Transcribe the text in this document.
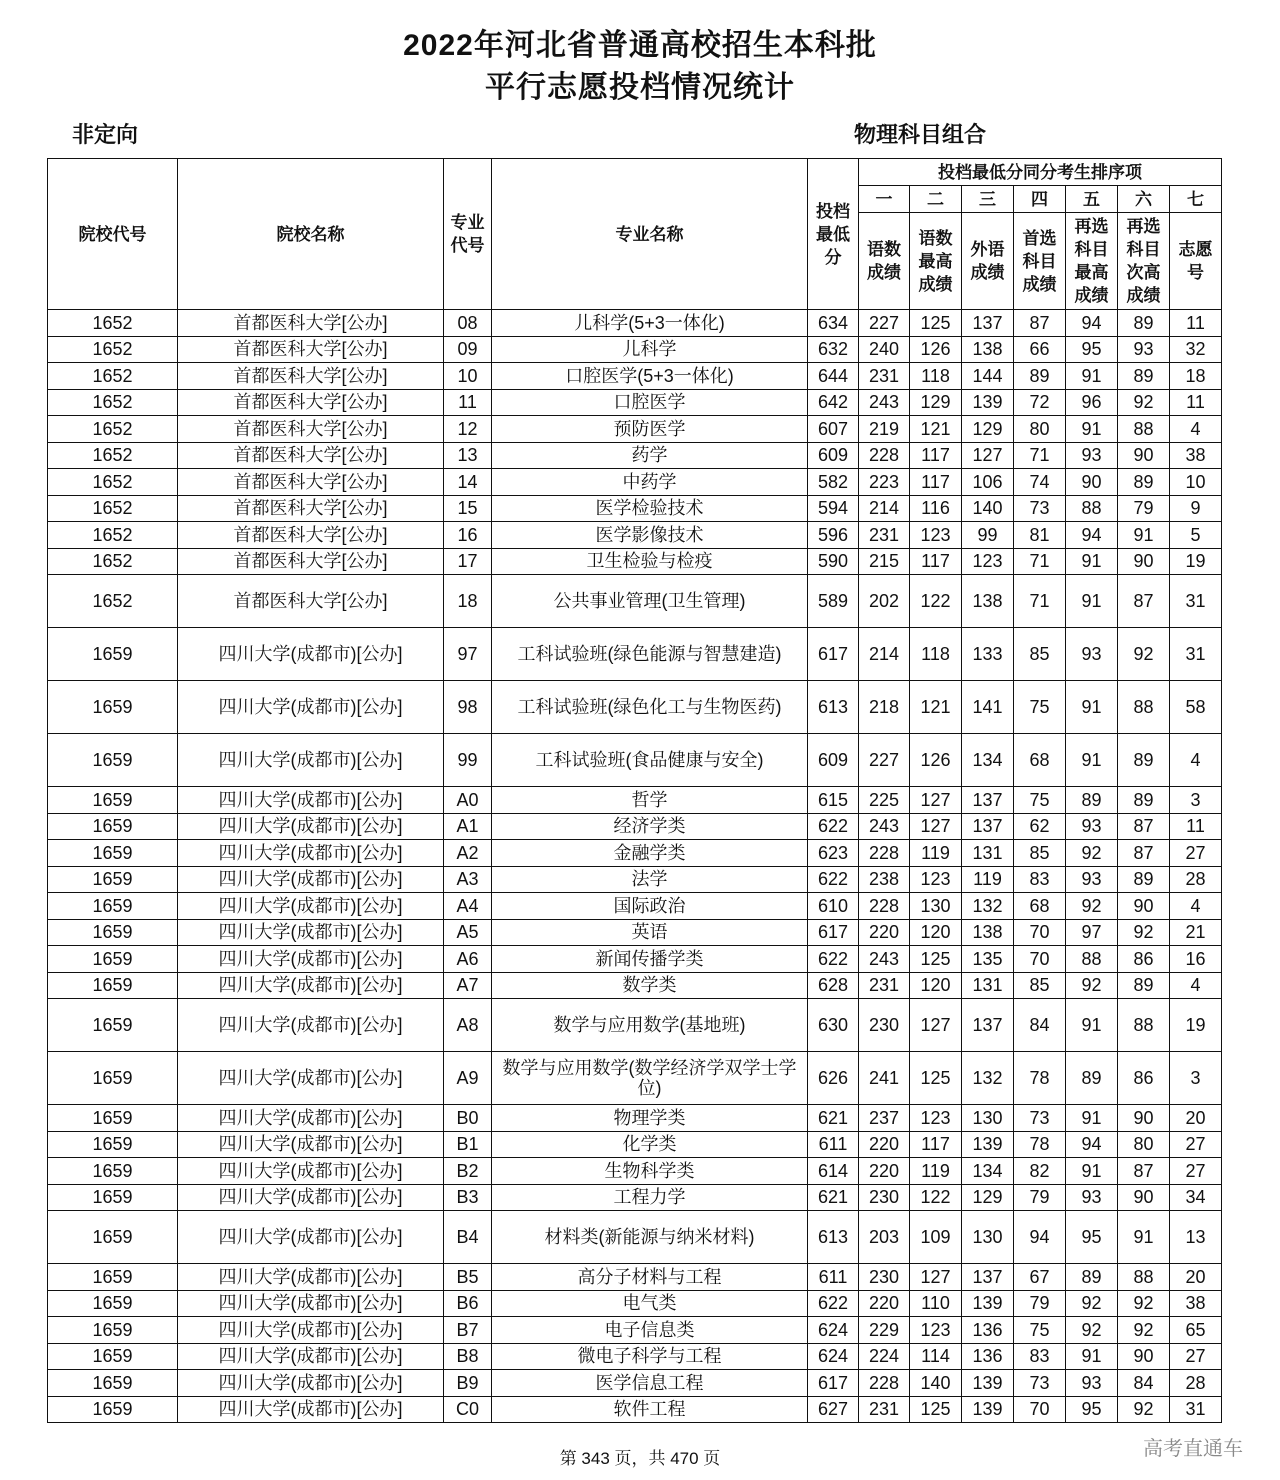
2022年河北省普通高校招生本科批
平行志愿投档情况统计
非定向	物理科目组合
院校代号	院校名称	专业代号	专业名称	投档最低分	投档最低分同分考生排序项						
					一	二	三	四	五	六	七
					语数成绩	语数最高成绩	外语成绩	首选科目成绩	再选科目最高成绩	再选科目次高成绩	志愿号
1652	首都医科大学[公办]	08	儿科学(5+3一体化)	634	227	125	137	87	94	89	11
1652	首都医科大学[公办]	09	儿科学	632	240	126	138	66	95	93	32
1652	首都医科大学[公办]	10	口腔医学(5+3一体化)	644	231	118	144	89	91	89	18
1652	首都医科大学[公办]	11	口腔医学	642	243	129	139	72	96	92	11
1652	首都医科大学[公办]	12	预防医学	607	219	121	129	80	91	88	4
1652	首都医科大学[公办]	13	药学	609	228	117	127	71	93	90	38
1652	首都医科大学[公办]	14	中药学	582	223	117	106	74	90	89	10
1652	首都医科大学[公办]	15	医学检验技术	594	214	116	140	73	88	79	9
1652	首都医科大学[公办]	16	医学影像技术	596	231	123	99	81	94	91	5
1652	首都医科大学[公办]	17	卫生检验与检疫	590	215	117	123	71	91	90	19
1652	首都医科大学[公办]	18	公共事业管理(卫生管理)	589	202	122	138	71	91	87	31
1659	四川大学(成都市)[公办]	97	工科试验班(绿色能源与智慧建造)	617	214	118	133	85	93	92	31
1659	四川大学(成都市)[公办]	98	工科试验班(绿色化工与生物医药)	613	218	121	141	75	91	88	58
1659	四川大学(成都市)[公办]	99	工科试验班(食品健康与安全)	609	227	126	134	68	91	89	4
1659	四川大学(成都市)[公办]	A0	哲学	615	225	127	137	75	89	89	3
1659	四川大学(成都市)[公办]	A1	经济学类	622	243	127	137	62	93	87	11
1659	四川大学(成都市)[公办]	A2	金融学类	623	228	119	131	85	92	87	27
1659	四川大学(成都市)[公办]	A3	法学	622	238	123	119	83	93	89	28
1659	四川大学(成都市)[公办]	A4	国际政治	610	228	130	132	68	92	90	4
1659	四川大学(成都市)[公办]	A5	英语	617	220	120	138	70	97	92	21
1659	四川大学(成都市)[公办]	A6	新闻传播学类	622	243	125	135	70	88	86	16
1659	四川大学(成都市)[公办]	A7	数学类	628	231	120	131	85	92	89	4
1659	四川大学(成都市)[公办]	A8	数学与应用数学(基地班)	630	230	127	137	84	91	88	19
1659	四川大学(成都市)[公办]	A9	数学与应用数学(数学经济学双学士学位)	626	241	125	132	78	89	86	3
1659	四川大学(成都市)[公办]	B0	物理学类	621	237	123	130	73	91	90	20
1659	四川大学(成都市)[公办]	B1	化学类	611	220	117	139	78	94	80	27
1659	四川大学(成都市)[公办]	B2	生物科学类	614	220	119	134	82	91	87	27
1659	四川大学(成都市)[公办]	B3	工程力学	621	230	122	129	79	93	90	34
1659	四川大学(成都市)[公办]	B4	材料类(新能源与纳米材料)	613	203	109	130	94	95	91	13
1659	四川大学(成都市)[公办]	B5	高分子材料与工程	611	230	127	137	67	89	88	20
1659	四川大学(成都市)[公办]	B6	电气类	622	220	110	139	79	92	92	38
1659	四川大学(成都市)[公办]	B7	电子信息类	624	229	123	136	75	92	92	65
1659	四川大学(成都市)[公办]	B8	微电子科学与工程	624	224	114	136	83	91	90	27
1659	四川大学(成都市)[公办]	B9	医学信息工程	617	228	140	139	73	93	84	28
1659	四川大学(成都市)[公办]	C0	软件工程	627	231	125	139	70	95	92	31
第 343 页，共 470 页	高考直通车
